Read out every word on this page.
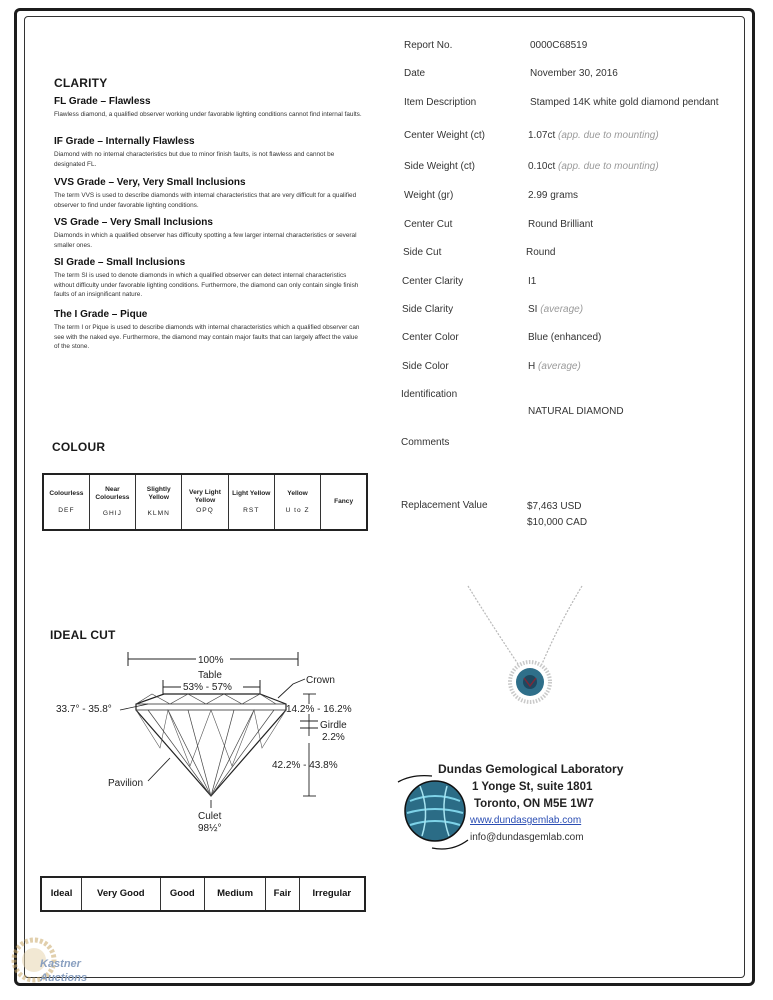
CLARITY
FL Grade – Flawless

Flawless diamond, a qualified observer working under favorable lighting conditions cannot find internal faults.

IF Grade – Internally Flawless

Diamond with no internal characteristics but due to minor finish faults, is not flawless and cannot be designated FL.

VVS Grade – Very, Very Small Inclusions

The term VVS is used to describe diamonds with internal characteristics that are very difficult for a qualified observer to find under favorable lighting conditions.

VS Grade – Very Small Inclusions

Diamonds in which a qualified observer has difficulty spotting a few larger internal characteristics or several smaller ones.

SI Grade – Small Inclusions

The term SI is used to denote diamonds in which a qualified observer can detect internal characteristics without difficulty under favorable lighting conditions. Furthermore, the diamond can only contain single finish faults of an insignificant nature.

The I Grade – Pique

The term I or Pique is used to describe diamonds with internal characteristics which a qualified observer can see with the naked eye. Furthermore, the diamond may contain major faults that can largely affect the value of the stone.

COLOUR
Colourless
DEF
	Near Colourless
GHIJ
	Slightly Yellow
KLMN
	Very Light Yellow
OPQ
	Light Yellow
RST
	Yellow
U to Z
	Fancy
IDEAL CUT
100%
Table
53% - 57%
33.7° - 35.8°
Crown
14.2% - 16.2%
Girdle
2.2%
42.2% - 43.8%
Pavilion
Culet
98½°
Ideal	Very Good	Good	Medium	Fair	Irregular
Report No.	0000C68519
Date	November 30, 2016
Item Description	Stamped 14K white gold diamond pendant
Center Weight (ct)	1.07ct (app. due to mounting)
Side Weight (ct)	0.10ct (app. due to mounting)
Weight (gr)	2.99 grams
Center Cut	Round Brilliant
Side Cut	Round
Center Clarity	I1
Side Clarity	SI (average)
Center Color	Blue (enhanced)
Side Color	H (average)
Identification
NATURAL DIAMOND
Comments
Replacement Value	$7,463 USD
$10,000 CAD
Dundas Gemological Laboratory
1 Yonge St, suite 1801
Toronto, ON M5E 1W7
www.dundasgemlab.com
info@dundasgemlab.com
Kastner
Auctions
